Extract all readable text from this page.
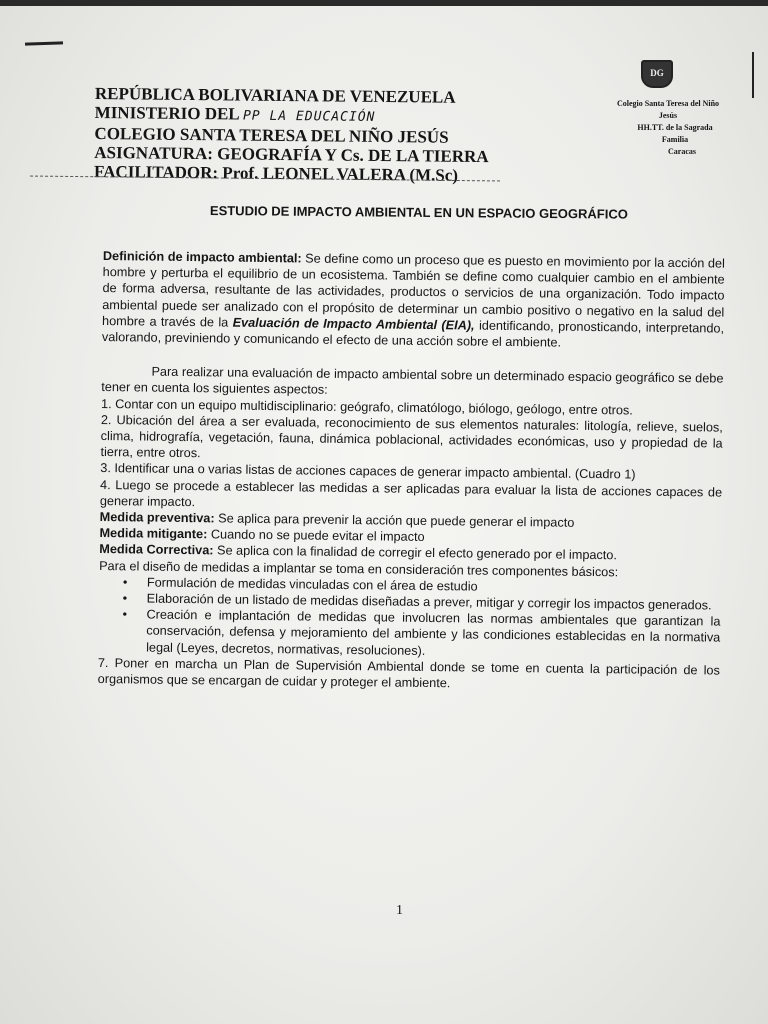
REPÚBLICA BOLIVARIANA DE VENEZUELA
MINISTERIO DEL PP LA EDUCACIÓN
COLEGIO SANTA TERESA DEL NIÑO JESÚS
ASIGNATURA: GEOGRAFÍA Y Cs. DE LA TIERRA
FACILITADOR: Prof. LEONEL VALERA (M.Sc)
DG
Colegio Santa Teresa del Niño Jesús
HH.TT. de la Sagrada Familia
Caracas
ESTUDIO DE IMPACTO AMBIENTAL EN UN ESPACIO GEOGRÁFICO

Definición de impacto ambiental: Se define como un proceso que es puesto en movimiento por la acción del hombre y perturba el equilibrio de un ecosistema. También se define como cualquier cambio en el ambiente de forma adversa, resultante de las actividades, productos o servicios de una organización. Todo impacto ambiental puede ser analizado con el propósito de determinar un cambio positivo o negativo en la salud del hombre a través de la Evaluación de Impacto Ambiental (EIA), identificando, pronosticando, interpretando, valorando, previniendo y comunicando el efecto de una acción sobre el ambiente.

Para realizar una evaluación de impacto ambiental sobre un determinado espacio geográfico se debe tener en cuenta los siguientes aspectos:

1. Contar con un equipo multidisciplinario: geógrafo, climatólogo, biólogo, geólogo, entre otros.

2. Ubicación del área a ser evaluada, reconocimiento de sus elementos naturales: litología, relieve, suelos, clima, hidrografía, vegetación, fauna, dinámica poblacional, actividades económicas, uso y propiedad de la tierra, entre otros.

3. Identificar una o varias listas de acciones capaces de generar impacto ambiental. (Cuadro 1)

4. Luego se procede a establecer las medidas a ser aplicadas para evaluar la lista de acciones capaces de generar impacto.

Medida preventiva: Se aplica para prevenir la acción que puede generar el impacto

Medida mitigante: Cuando no se puede evitar el impacto

Medida Correctiva: Se aplica con la finalidad de corregir el efecto generado por el impacto.

Para el diseño de medidas a implantar se toma en consideración tres componentes básicos:

• Formulación de medidas vinculadas con el área de estudio
• Elaboración de un listado de medidas diseñadas a prever, mitigar y corregir los impactos generados.
• Creación e implantación de medidas que involucren las normas ambientales que garantizan la conservación, defensa y mejoramiento del ambiente y las condiciones establecidas en la normativa legal (Leyes, decretos, normativas, resoluciones).

7. Poner en marcha un Plan de Supervisión Ambiental donde se tome en cuenta la participación de los organismos que se encargan de cuidar y proteger el ambiente.

1
